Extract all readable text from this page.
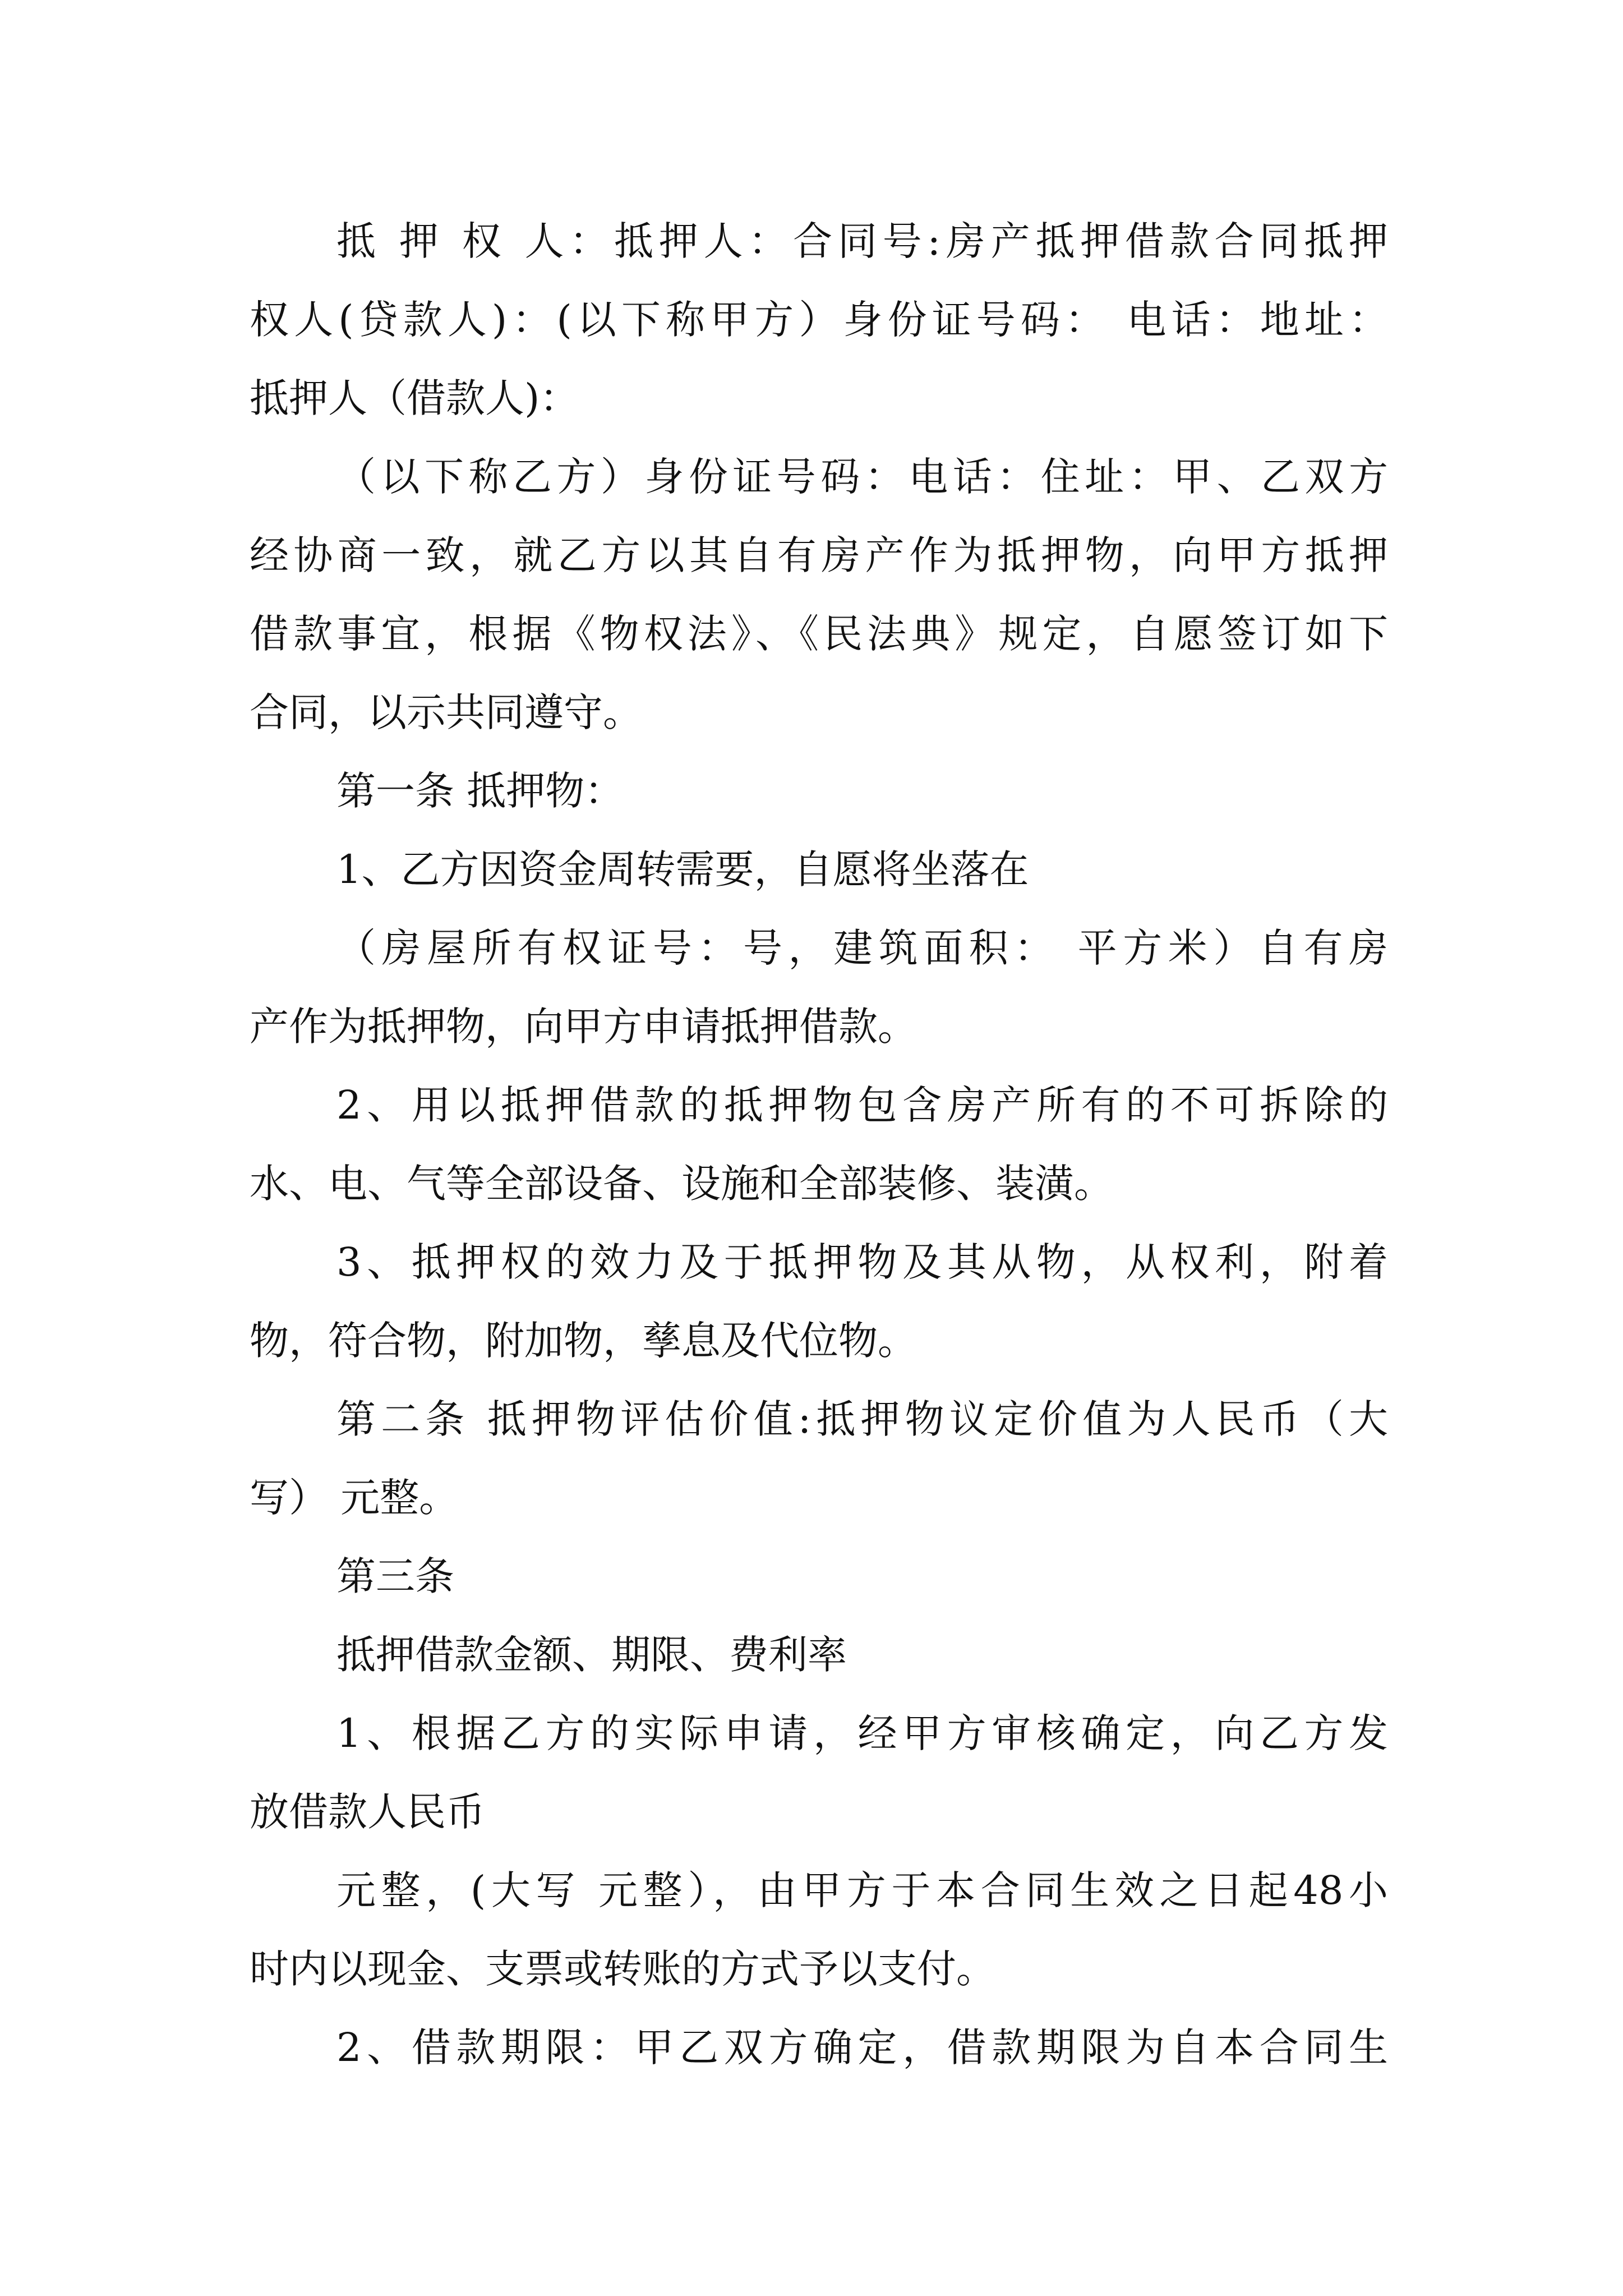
抵 押 权 人：抵押人：合同号:房产抵押借款合同抵押

权人(贷款人)：(以下称甲方）身份证号码： 电话：地址：

抵押人（借款人)：

（以下称乙方）身份证号码：电话：住址：甲、乙双方

经协商一致，就乙方以其自有房产作为抵押物，向甲方抵押

借款事宜，根据《物权法》、《民法典》规定，自愿签订如下

合同，以示共同遵守。

第一条 抵押物：

1、乙方因资金周转需要，自愿将坐落在

（房屋所有权证号：号，建筑面积： 平方米）自有房

产作为抵押物，向甲方申请抵押借款。

2、用以抵押借款的抵押物包含房产所有的不可拆除的

水、电、气等全部设备、设施和全部装修、装潢。

3、抵押权的效力及于抵押物及其从物，从权利，附着

物，符合物，附加物，孳息及代位物。

第二条 抵押物评估价值:抵押物议定价值为人民币（大

写） 元整。

第三条

抵押借款金额、期限、费利率

1、根据乙方的实际申请，经甲方审核确定，向乙方发

放借款人民币

元整，(大写 元整），由甲方于本合同生效之日起48小

时内以现金、支票或转账的方式予以支付。

2、借款期限：甲乙双方确定，借款期限为自本合同生
